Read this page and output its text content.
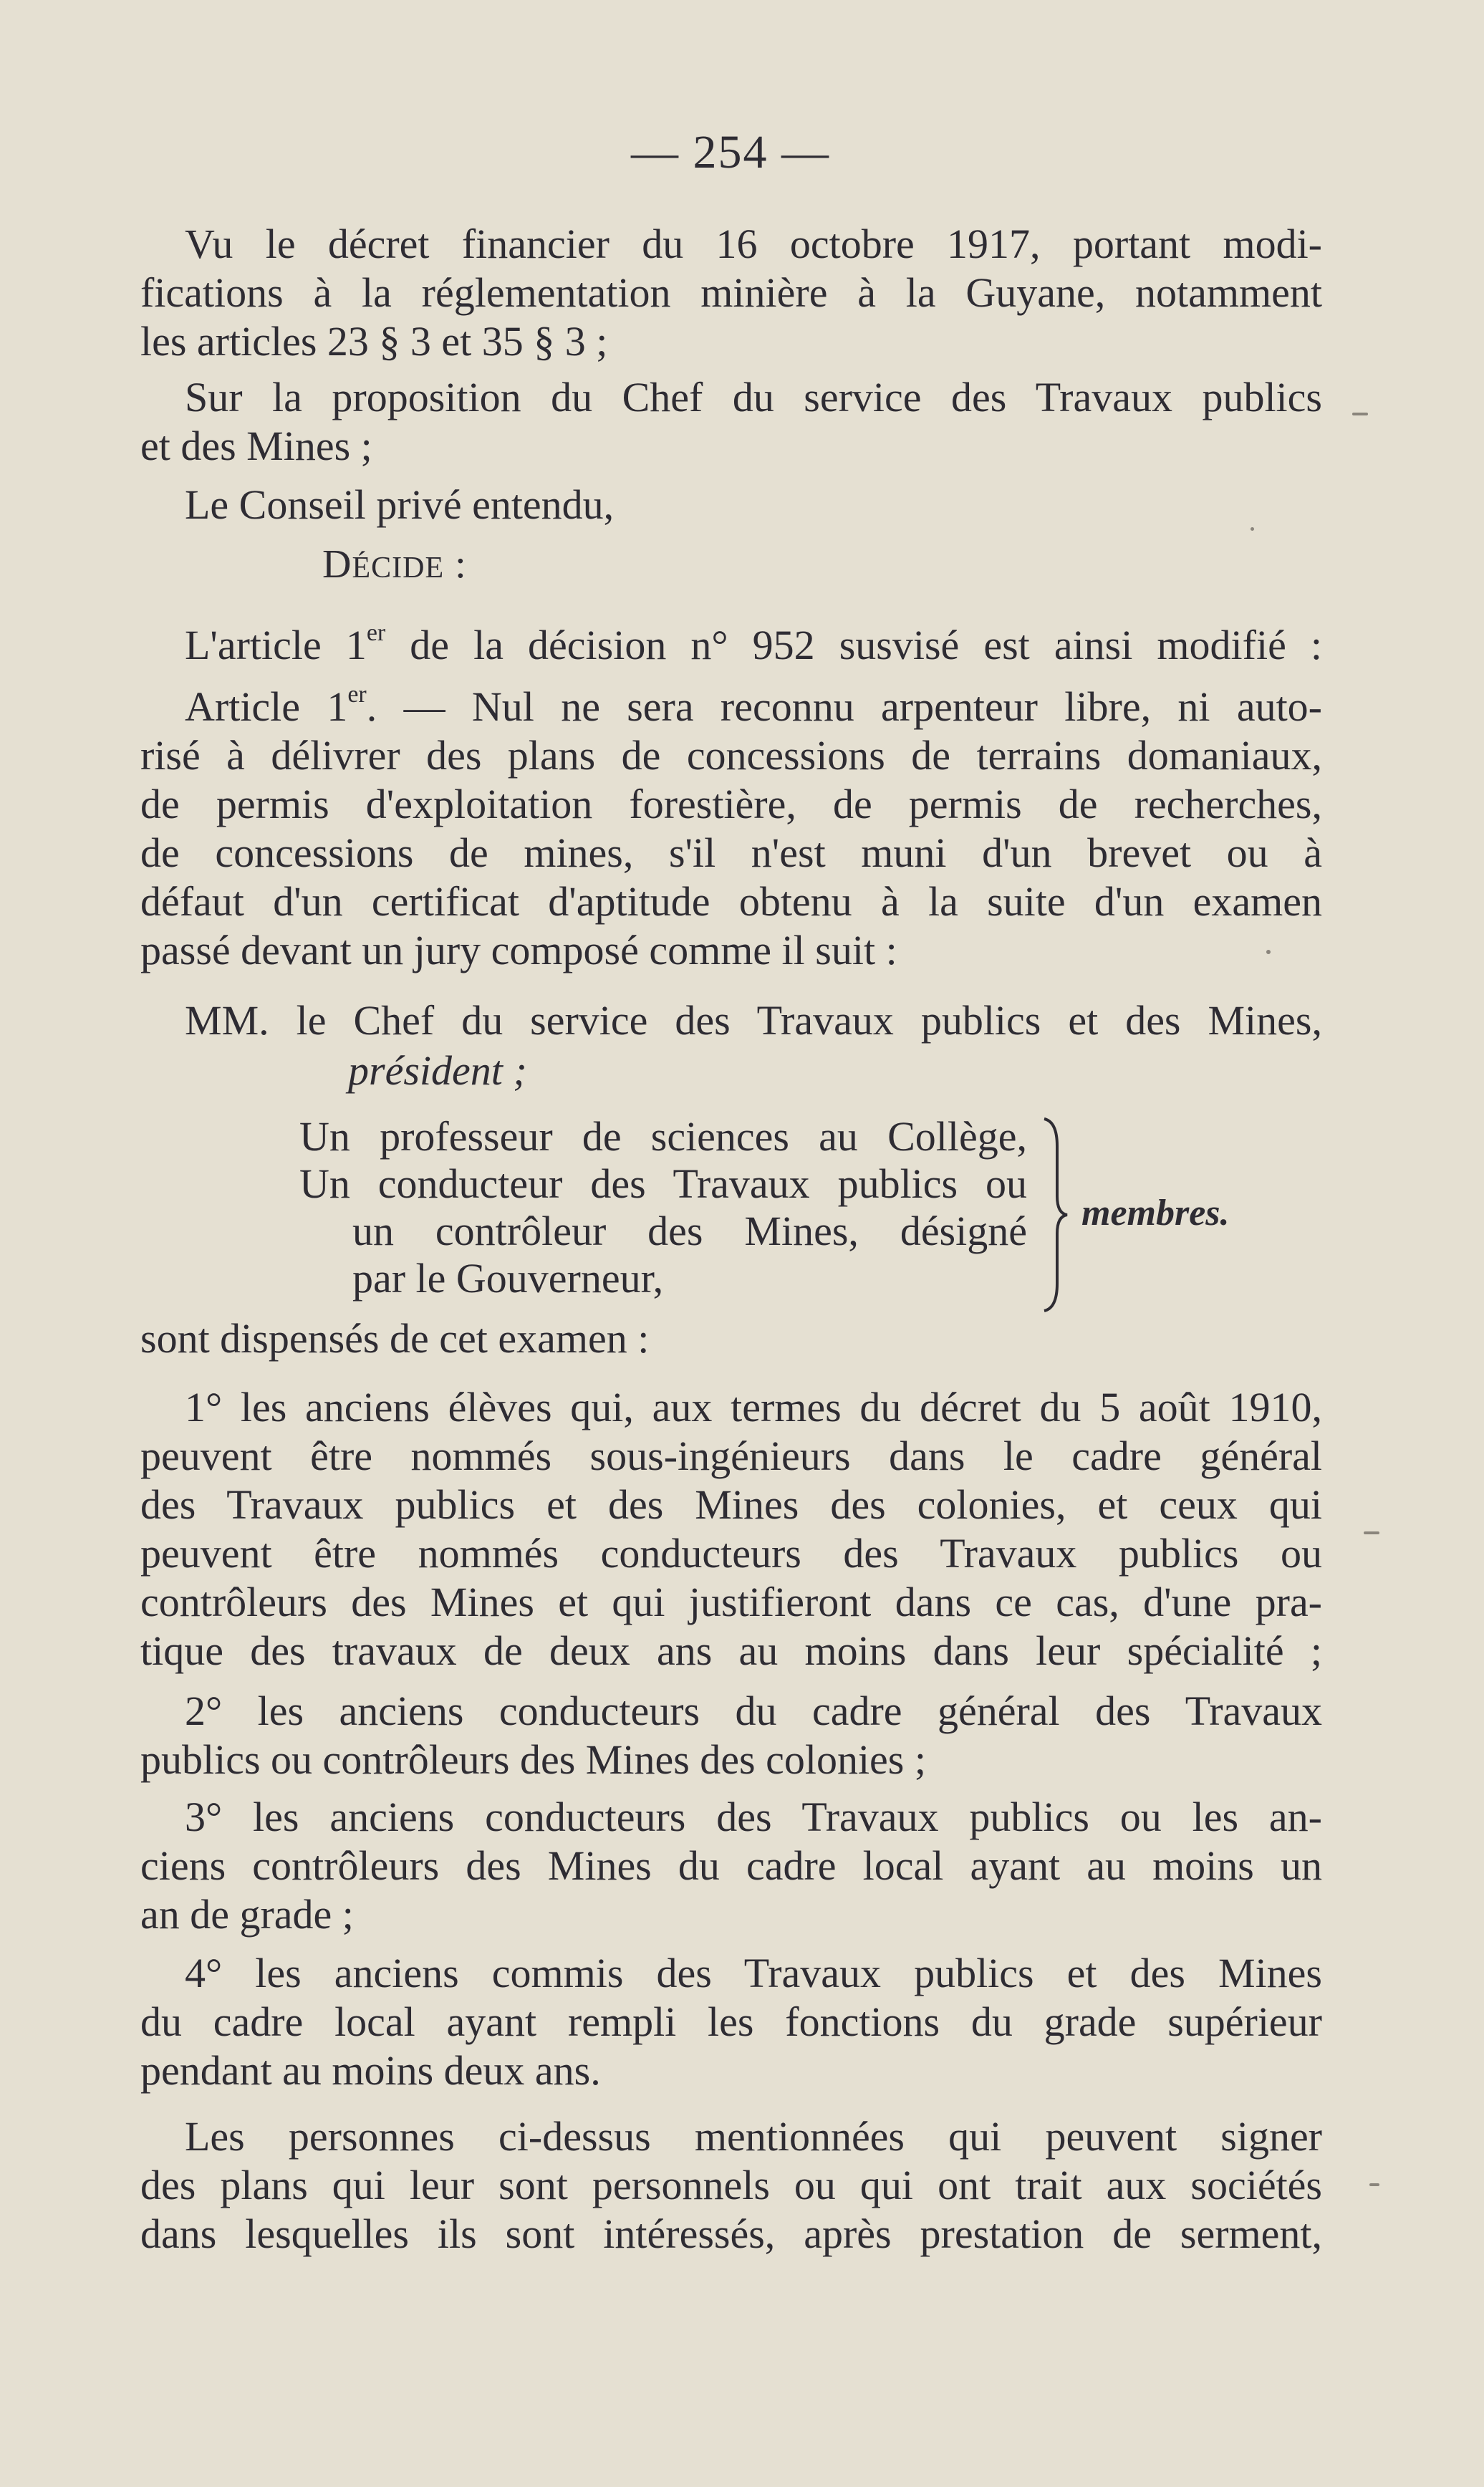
— 254 —
Vu le décret financier du 16 octobre 1917, portant modi-
fications à la réglementation minière à la Guyane, notamment
les articles 23 § 3 et 35 § 3 ;
Sur la proposition du Chef du service des Travaux publics
et des Mines ;
Le Conseil privé entendu,
DÉCIDE :
L'article 1er de la décision n° 952 susvisé est ainsi modifié :
Article 1er. — Nul ne sera reconnu arpenteur libre, ni auto-
risé à délivrer des plans de concessions de terrains domaniaux,
de permis d'exploitation forestière, de permis de recherches,
de concessions de mines, s'il n'est muni d'un brevet ou à
défaut d'un certificat d'aptitude obtenu à la suite d'un examen
passé devant un jury composé comme il suit :
MM. le Chef du service des Travaux publics et des Mines,
président ;
Un professeur de sciences au Collège,
Un conducteur des Travaux publics ou
un contrôleur des Mines, désigné
par le Gouverneur,
membres.
sont dispensés de cet examen :
1° les anciens élèves qui, aux termes du décret du 5 août 1910,
peuvent être nommés sous-ingénieurs dans le cadre général
des Travaux publics et des Mines des colonies, et ceux qui
peuvent être nommés conducteurs des Travaux publics ou
contrôleurs des Mines et qui justifieront dans ce cas, d'une pra-
tique des travaux de deux ans au moins dans leur spécialité ;
2° les anciens conducteurs du cadre général des Travaux
publics ou contrôleurs des Mines des colonies ;
3° les anciens conducteurs des Travaux publics ou les an-
ciens contrôleurs des Mines du cadre local ayant au moins un
an de grade ;
4° les anciens commis des Travaux publics et des Mines
du cadre local ayant rempli les fonctions du grade supérieur
pendant au moins deux ans.
Les personnes ci-dessus mentionnées qui peuvent signer
des plans qui leur sont personnels ou qui ont trait aux sociétés
dans lesquelles ils sont intéressés, après prestation de serment,
